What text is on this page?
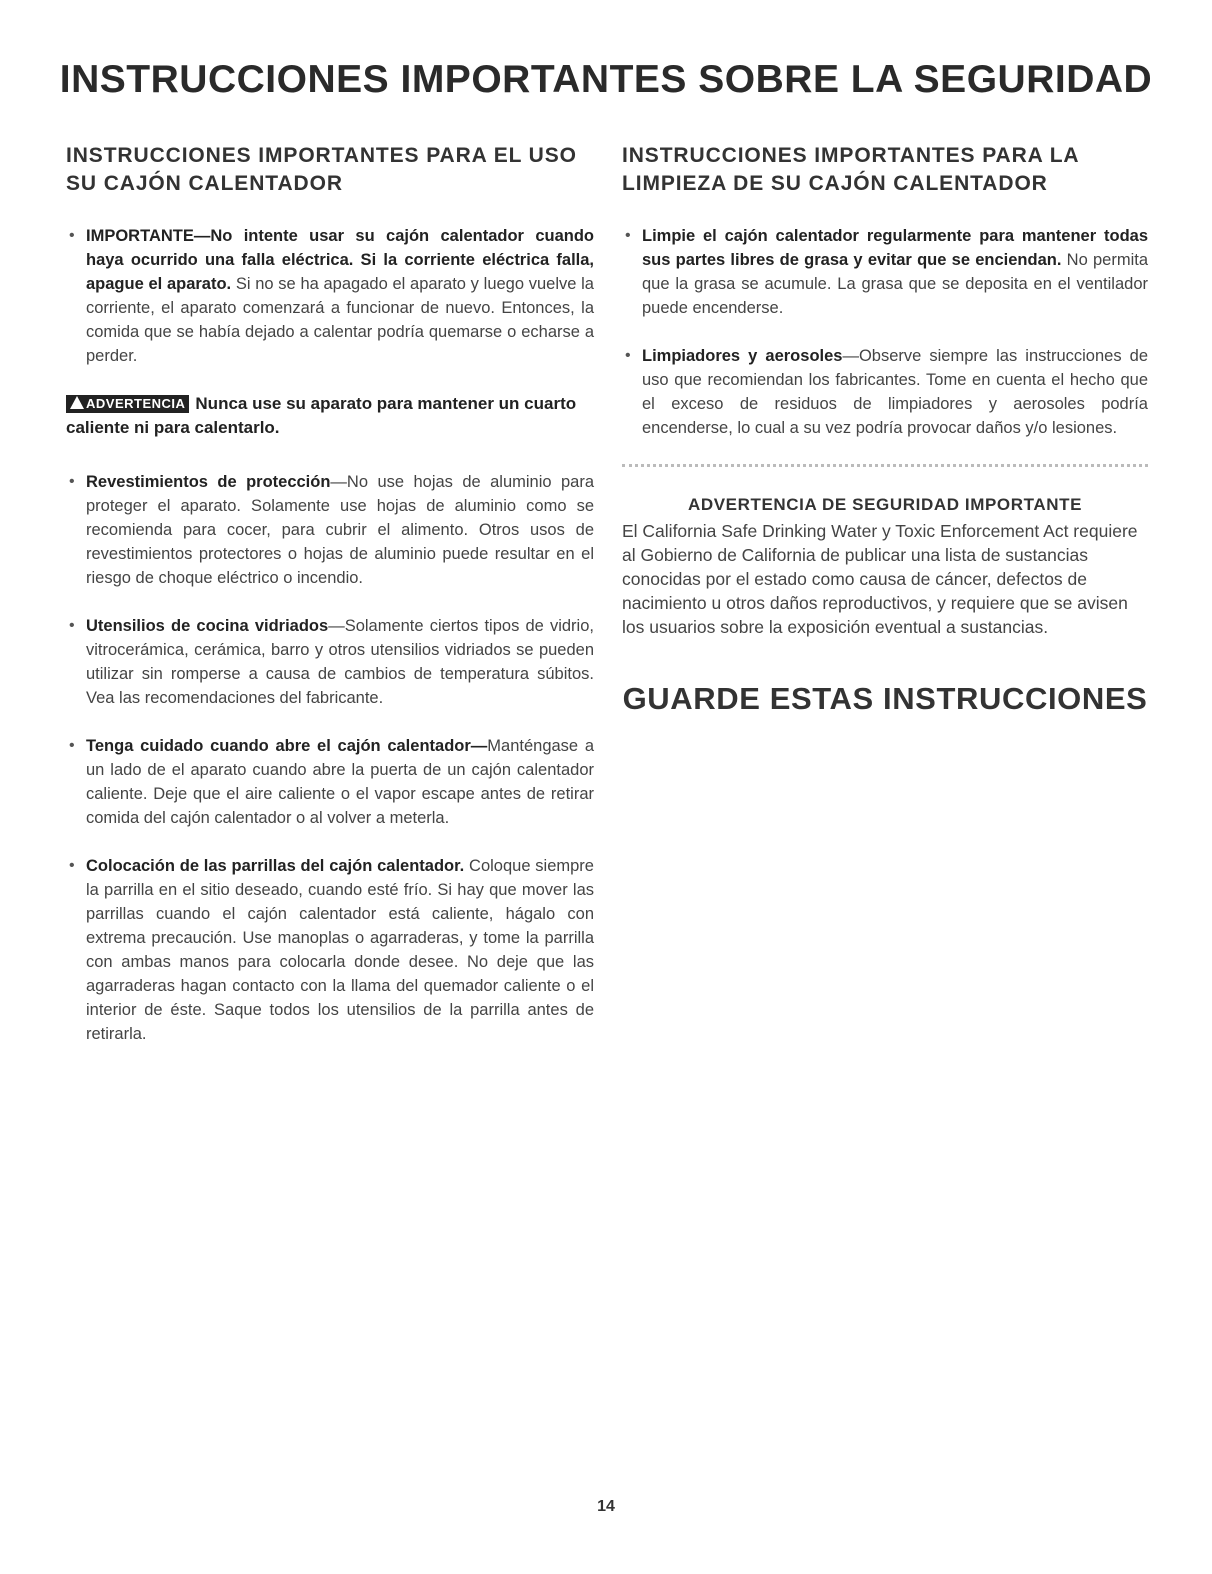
INSTRUCCIONES IMPORTANTES SOBRE LA SEGURIDAD
INSTRUCCIONES IMPORTANTES PARA EL USO SU CAJÓN CALENTADOR
• IMPORTANTE—No intente usar su cajón calentador cuando haya ocurrido una falla eléctrica. Si la corriente eléctrica falla, apague el aparato. Si no se ha apagado el aparato y luego vuelve la corriente, el aparato comenzará a funcionar de nuevo. Entonces, la comida que se había dejado a calentar podría quemarse o echarse a perder.
ADVERTENCIA Nunca use su aparato para mantener un cuarto caliente ni para calentarlo.
• Revestimientos de protección—No use hojas de aluminio para proteger el aparato. Solamente use hojas de aluminio como se recomienda para cocer, para cubrir el alimento. Otros usos de revestimientos protectores o hojas de aluminio puede resultar en el riesgo de choque eléctrico o incendio.
• Utensilios de cocina vidriados—Solamente ciertos tipos de vidrio, vitrocerámica, cerámica, barro y otros utensilios vidriados se pueden utilizar sin romperse a causa de cambios de temperatura súbitos. Vea las recomendaciones del fabricante.
• Tenga cuidado cuando abre el cajón calentador—Manténgase a un lado de el aparato cuando abre la puerta de un cajón calentador caliente. Deje que el aire caliente o el vapor escape antes de retirar comida del cajón calentador o al volver a meterla.
• Colocación de las parrillas del cajón calentador. Coloque siempre la parrilla en el sitio deseado, cuando esté frío. Si hay que mover las parrillas cuando el cajón calentador está caliente, hágalo con extrema precaución. Use manoplas o agarraderas, y tome la parrilla con ambas manos para colocarla donde desee. No deje que las agarraderas hagan contacto con la llama del quemador caliente o el interior de éste. Saque todos los utensilios de la parrilla antes de retirarla.
INSTRUCCIONES IMPORTANTES PARA LA LIMPIEZA DE SU CAJÓN CALENTADOR
• Limpie el cajón calentador regularmente para mantener todas sus partes libres de grasa y evitar que se enciendan. No permita que la grasa se acumule. La grasa que se deposita en el ventilador puede encenderse.
• Limpiadores y aerosoles—Observe siempre las instrucciones de uso que recomiendan los fabricantes. Tome en cuenta el hecho que el exceso de residuos de limpiadores y aerosoles podría encenderse, lo cual a su vez podría provocar daños y/o lesiones.
ADVERTENCIA DE SEGURIDAD IMPORTANTE

El California Safe Drinking Water y Toxic Enforcement Act requiere al Gobierno de California de publicar una lista de sustancias conocidas por el estado como causa de cáncer, defectos de nacimiento u otros daños reproductivos, y requiere que se avisen los usuarios sobre la exposición eventual a sustancias.

GUARDE ESTAS INSTRUCCIONES
14
